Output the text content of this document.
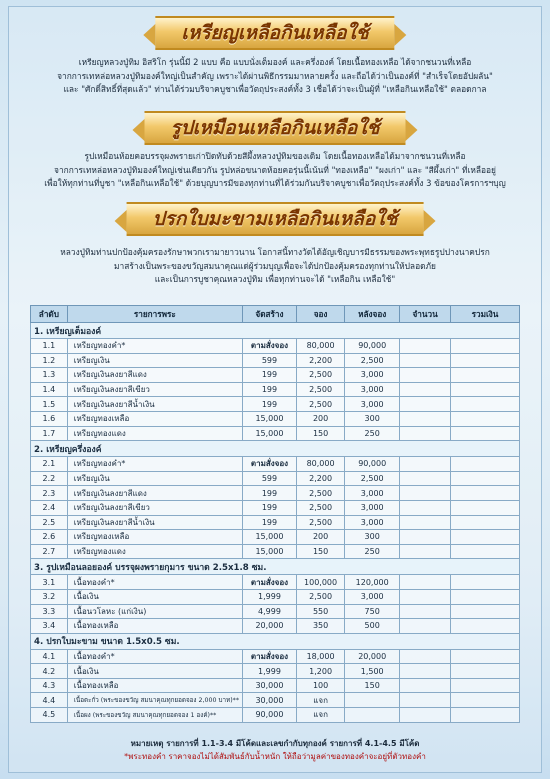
เหรียญเหลือกินเหลือใช้
เหรียญหลวงปู่ทิม อิสริโก รุ่นนี้มี 2 แบบ คือ แบบนั่งเต็มองค์ และครึ่งองค์ โดยเนื้อทองเหลือ ได้จากชนวนที่เหลือ
จากการเทหล่อหลวงปู่ทิมองค์ใหญ่เป็นสำคัญ เพราะได้ผ่านพิธีกรรมมาหลายครั้ง และถือได้ว่าเป็นองค์ที่ "สำเร็จโดยอัปผลัน"
และ "ศักดิ์สิทธิ์ที่สุดแล้ว" ท่านได้ร่วมบริจาคบูชาเพื่อวัตถุประสงค์ทั้ง 3 เชื่อได้ว่าจะเป็นผู้ที่ "เหลือกินเหลือใช้" ตลอดกาล
รูปเหมือนเหลือกินเหลือใช้
รูปเหมือนห้อยคอบรรจุผงพรายเก่าปิดทับด้วยสีผึ้งหลวงปู่ทิมของเดิม โดยเนื้อทองเหลือได้มาจากชนวนที่เหลือ
จากการเทหล่อหลวงปู่ทิมองค์ใหญ่เช่นเดียวกัน รูปหล่อขนาดห้อยคอรุ่นนี้เน้นที่ "ทองเหลือ" "ผงเก่า" และ "สีผึ้งเก่า" ที่เหลืออยู่
เพื่อให้ทุกท่านที่บูชา "เหลือกินเหลือใช้" ด้วยบุญบารมีของทุกท่านที่ได้ร่วมกันบริจาคบูชาเพื่อวัตถุประสงค์ทั้ง 3 ข้อของโครการฯบุญ
ปรกใบมะขามเหลือกินเหลือใช้
หลวงปู่ทิมท่านปกป้องคุ้มครองรักษาพวกเรามายาวนาน โอกาสนี้ทางวัดได้อัญเชิญบารมีธรรมของพระพุทธรูปปางนาคปรก
มาสร้างเป็นพระของขวัญสมนาคุณแด่ผู้ร่วมบุญเพื่อจะได้ปกป้องคุ้มครองทุกท่านให้ปลอดภัย
และเป็นการบูชาคุณหลวงปู่ทิม เพื่อทุกท่านจะได้ "เหลือกิน เหลือใช้"
ลำดับ	รายการพระ	จัดสร้าง	จอง	หลังจอง	จำนวน	รวมเงิน
1. เหรียญเต็มองค์						
1.1	เหรียญทองคำ*	ตามสั่งจอง	80,000	90,000		
1.2	เหรียญเงิน	599	2,200	2,500		
1.3	เหรียญเงินลงยาสีแดง	199	2,500	3,000		
1.4	เหรียญเงินลงยาสีเขียว	199	2,500	3,000		
1.5	เหรียญเงินลงยาสีน้ำเงิน	199	2,500	3,000		
1.6	เหรียญทองเหลือ	15,000	200	300		
1.7	เหรียญทองแดง	15,000	150	250		
2. เหรียญครึ่งองค์						
2.1	เหรียญทองคำ*	ตามสั่งจอง	80,000	90,000		
2.2	เหรียญเงิน	599	2,200	2,500		
2.3	เหรียญเงินลงยาสีแดง	199	2,500	3,000		
2.4	เหรียญเงินลงยาสีเขียว	199	2,500	3,000		
2.5	เหรียญเงินลงยาสีน้ำเงิน	199	2,500	3,000		
2.6	เหรียญทองเหลือ	15,000	200	300		
2.7	เหรียญทองแดง	15,000	150	250		
3. รูปเหมือนลอยองค์ บรรจุผงพรายกุมาร ขนาด 2.5x1.8 ซม.						
3.1	เนื้อทองคำ*	ตามสั่งจอง	100,000	120,000		
3.2	เนื้อเงิน	1,999	2,500	3,000		
3.3	เนื้อนวโลหะ (แก่เงิน)	4,999	550	750		
3.4	เนื้อทองเหลือ	20,000	350	500		
4. ปรกใบมะขาม ขนาด 1.5x0.5 ซม.						
4.1	เนื้อทองคำ*	ตามสั่งจอง	18,000	20,000		
4.2	เนื้อเงิน	1,999	1,200	1,500		
4.3	เนื้อทองเหลือ	30,000	100	150		
4.4	เนื้อตะกั่ว (พระของขวัญ สมนาคุณทุกยอดจอง 2,000 บาท)**	30,000	แจก			
4.5	เนื้อผง (พระของขวัญ สมนาคุณทุกยอดจอง 1 องค์)**	90,000	แจก			
หมายเหตุ รายการที่ 1.1-3.4 มีโค้ดและเลขกำกับทุกองค์ รายการที่ 4.1-4.5 มีโค้ด
*พระทองคำ ราคาจองไม่ได้สัมพันธ์กับน้ำหนัก ให้ถือว่ามูลค่าของทองคำจะอยู่ที่ตัวทองคำ
